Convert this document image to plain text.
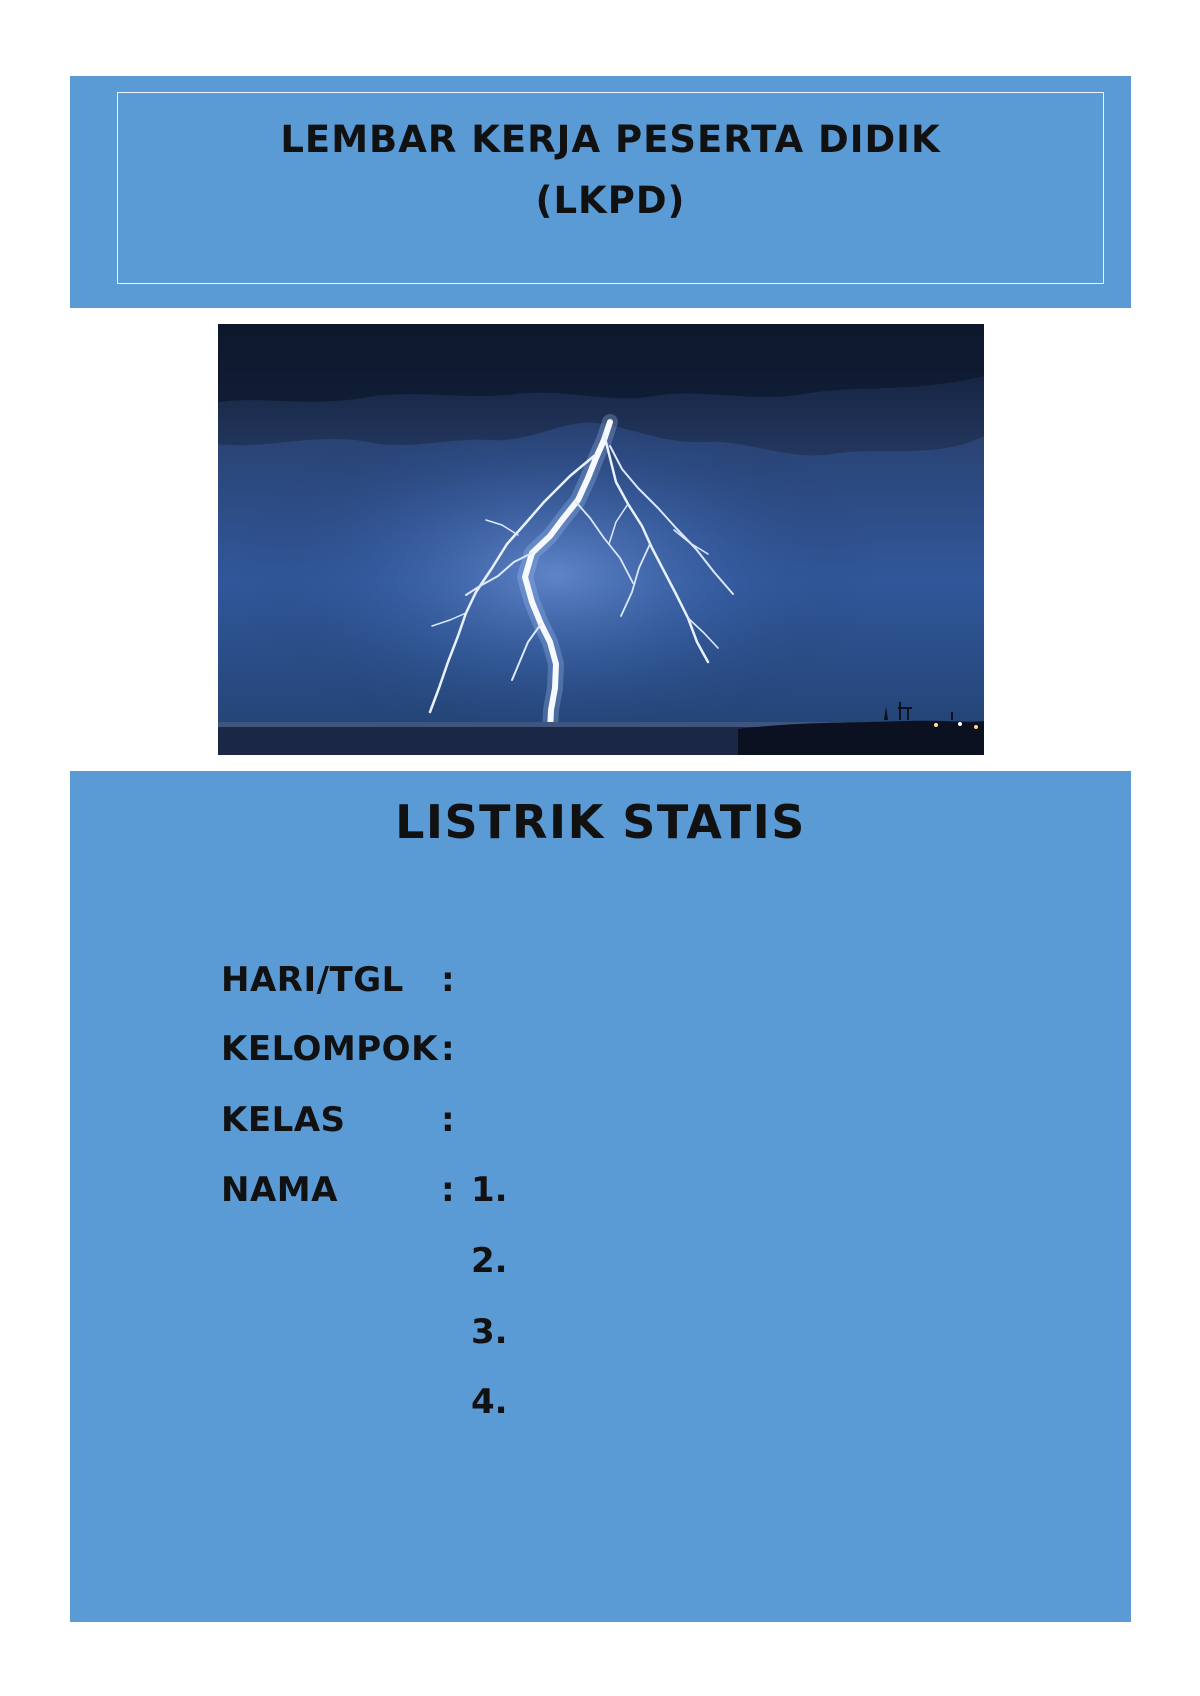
LEMBAR KERJA PESERTA DIDIK
(LKPD)
LISTRIK STATIS
HARI/TGL :
KELOMPOK :
KELAS	:
NAMA	: 1.
2.
3.
4.
